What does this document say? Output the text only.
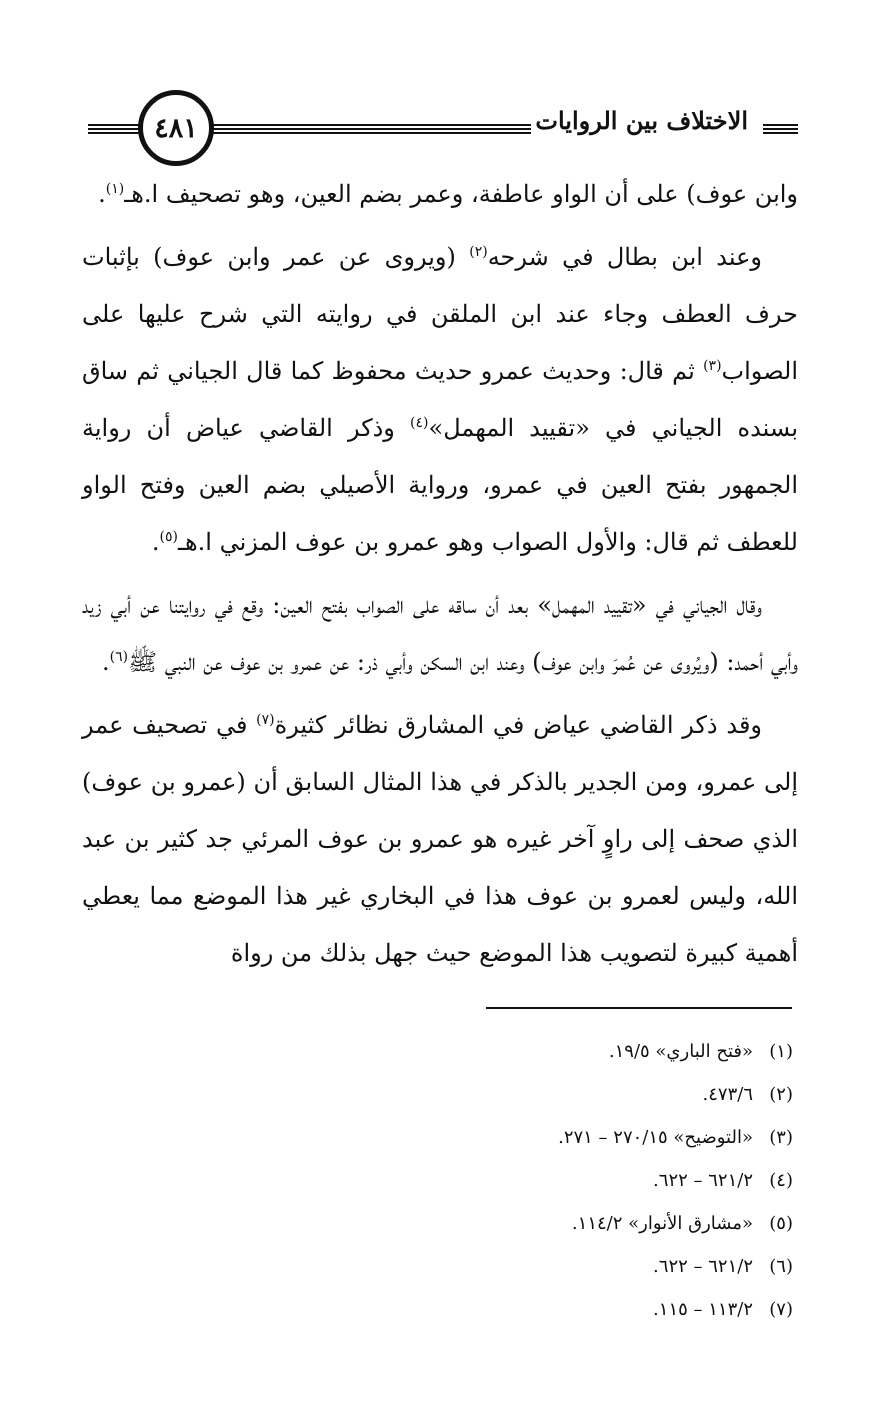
٤٨١	الاختلاف بين الروايات

وابن عوف) على أن الواو عاطفة، وعمر بضم العين، وهو تصحيف ا.هـ$^{(١)}$.

وعند ابن بطال في شرحه$^{(٢)}$ (ويروى عن عمر وابن عوف) بإثبات حرف العطف وجاء عند ابن الملقن في روايته التي شرح عليها على الصواب$^{(٣)}$ ثم قال: وحديث عمرو حديث محفوظ كما قال الجياني ثم ساق بسنده الجياني في «تقييد المهمل»$^{(٤)}$ وذكر القاضي عياض أن رواية الجمهور بفتح العين في عمرو، ورواية الأصيلي بضم العين وفتح الواو للعطف ثم قال: والأول الصواب وهو عمرو بن عوف المزني ا.هـ$^{(٥)}$.

وقال الجياني في «تقييد المهمل» بعد أن ساقه على الصواب بفتح العين: وقع في روايتنا عن أبي زيد وأبي أحمد: (ويُروى عن عُمرَ وابن عوف) وعند ابن السكن وأبي ذر: عن عمرو بن عوف عن النبي ﷺ$^{(٦)}$.

وقد ذكر القاضي عياض في المشارق نظائر كثيرة$^{(٧)}$ في تصحيف عمر إلى عمرو، ومن الجدير بالذكر في هذا المثال السابق أن (عمرو بن عوف) الذي صحف إلى راوٍ آخر غيره هو عمرو بن عوف المرئي جد كثير بن عبد الله، وليس لعمرو بن عوف هذا في البخاري غير هذا الموضع مما يعطي أهمية كبيرة لتصويب هذا الموضع حيث جهل بذلك من رواة

(١)«فتح الباري» ١٩/٥.
(٢)٤٧٣/٦.
(٣)«التوضيح» ٢٧٠/١٥ – ٢٧١.
(٤)٦٢١/٢ – ٦٢٢.
(٥)«مشارق الأنوار» ١١٤/٢.
(٦)٦٢١/٢ – ٦٢٢.
(٧)١١٣/٢ – ١١٥.
